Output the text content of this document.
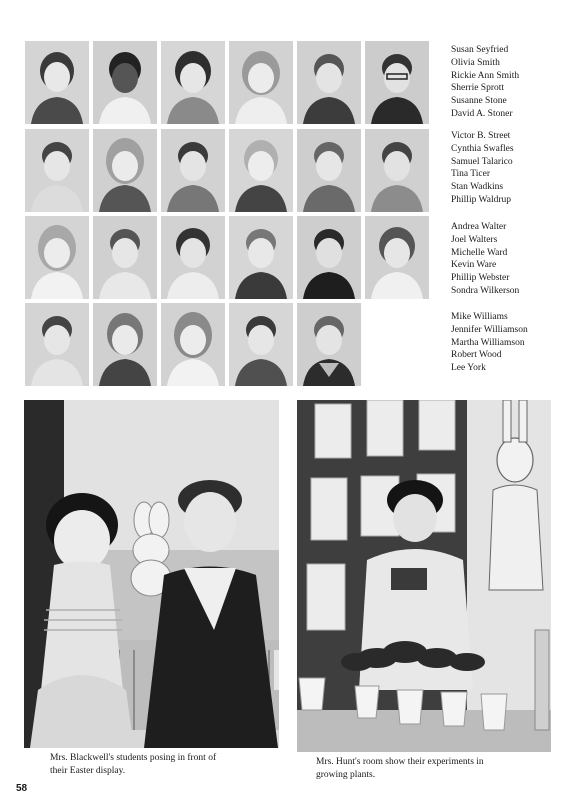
Susan Seyfried
Olivia Smith
Rickie Ann Smith
Sherrie Sprott
Susanne Stone
David A. Stoner
Victor B. Street
Cynthia Swafles
Samuel Talarico
Tina Ticer
Stan Wadkins
Phillip Waldrup
Andrea Walter
Joel Walters
Michelle Ward
Kevin Ware
Phillip Webster
Sondra Wilkerson
Mike Williams
Jennifer Williamson
Martha Williamson
Robert Wood
Lee York
Mrs. Blackwell's students posing in front of
their Easter display.
Mrs. Hunt's room show their experiments in
growing plants.
58
